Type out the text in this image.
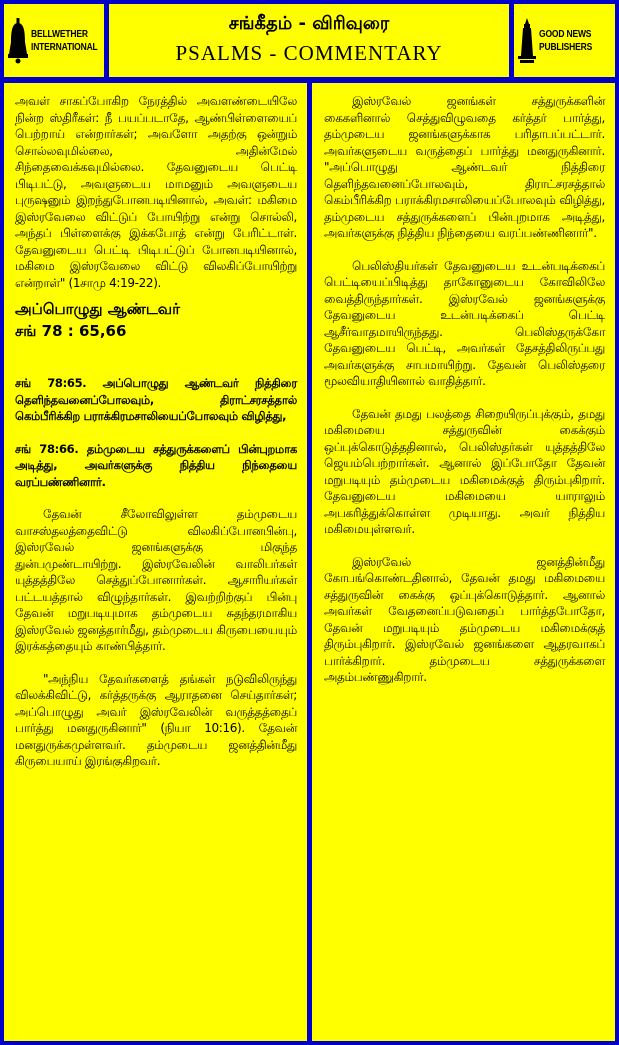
BELLWETHER
INTERNATIONAL
சங்கீதம் - விரிவுரை
PSALMS - COMMENTARY
GOOD NEWS
PUBLISHERS

அவள் சாகப்போகிற நேரத்தில் அவளண்டையிலே நின்ற ஸ்திரீகள்: நீ பயப்படாதே, ஆண்பிள்ளையைப் பெற்றாய் என்றார்கள்; அவளோ அதற்கு ஒன்றும் சொல்லவுமில்லை, அதின்மேல் சிந்தைவைக்கவுமில்லை. தேவனுடைய பெட்டி பிடிபட்டு, அவளுடைய மாமனும் அவளுடைய புருஷனும் இறந்துபோனபடியினால், அவள்: மகிமை இஸ்ரவேலை விட்டுப் போயிற்று என்று சொல்லி, அந்தப் பிள்ளைக்கு இக்கபோத் என்று பேரிட்டாள். தேவனுடைய பெட்டி பிடிபட்டுப் போனபடியினால், மகிமை இஸ்ரவேலை விட்டு விலகிப்போயிற்று என்றாள்" (1சாமு 4:19-22).

அப்பொழுது ஆண்டவர்
சங் 78 : 65,66

சங் 78:65. அப்பொழுது ஆண்டவர் நித்திரை தெளிந்தவனைப்போலவும், திராட்சரசத்தால் கெம்பீரிக்கிற பராக்கிரமசாலியைப்போலவும் விழித்து,

சங் 78:66. தம்முடைய சத்துருக்களைப் பின்புறமாக அடித்து, அவர்களுக்கு நித்திய நிந்தையை வரப்பண்ணினார்.

தேவன் சீலோவிலுள்ள தம்முடைய வாசஸ்தலத்தைவிட்டு விலகிப்போனபின்பு, இஸ்ரவேல் ஜனங்களுக்கு மிகுந்த துன்பமுண்டாயிற்று. இஸ்ரவேலின் வாலிபர்கள் யுத்தத்திலே செத்துப்போனார்கள். ஆசாரியர்கள் பட்டயத்தால் விழுந்தார்கள். இவற்றிற்குப் பின்பு தேவன் மறுபடியுமாக தம்முடைய சுதந்தரமாகிய இஸ்ரவேல் ஜனத்தார்மீது, தம்முடைய கிருபையையும் இரக்கத்தையும் காண்பித்தார்.

"அந்நிய தேவர்களைத் தங்கள் நடுவிலிருந்து விலக்கிவிட்டு, கர்த்தருக்கு ஆராதனை செய்தார்கள்; அப்பொழுது அவர் இஸ்ரவேலின் வருத்தத்தைப் பார்த்து மனதுருகினார்" (நியா 10:16). தேவன் மனதுருக்கமுள்ளவர். தம்முடைய ஜனத்தின்மீது கிருபையாய் இரங்குகிறவர்.

இஸ்ரவேல் ஜனங்கள் சத்துருக்களின் கைகளினால் செத்துவிழுவதை கர்த்தர் பார்த்து, தம்முடைய ஜனங்களுக்காக பரிதாபப்பட்டார். அவர்களுடைய வருத்தைப் பார்த்து மனதுருகினார். "அப்பொழுது ஆண்டவர் நித்திரை தெளிந்தவனைப்போலவும், திராட்சரசத்தால் கெம்பீரிக்கிற பராக்கிரமசாலியைப்போலவும் விழித்து, தம்முடைய சத்துருக்களைப் பின்புறமாக அடித்து, அவர்களுக்கு நித்திய நிந்தையை வரப்பண்ணினார்".

பெலிஸ்தியர்கள் தேவனுடைய உடன்படிக்கைப் பெட்டியைப்பிடித்து தாகோனுடைய கோவிலிலே வைத்திருந்தார்கள். இஸ்ரவேல் ஜனங்களுக்கு தேவனுடைய உடன்படிக்கைப் பெட்டி ஆசீர்வாதமாயிருந்தது. பெலிஸ்தருக்கோ தேவனுடைய பெட்டி, அவர்கள் தேசத்திலிருப்பது அவர்களுக்கு சாபமாயிற்று. தேவன் பெலிஸ்தரை மூலவியாதியினால் வாதித்தார்.

தேவன் தமது பலத்தை சிறையிருப்புக்கும், தமது மகிமையை சத்துருவின் கைக்கும் ஒப்புக்கொடுத்ததினால், பெலிஸ்தர்கள் யுத்தத்திலே ஜெயம்பெற்றார்கள். ஆனால் இப்போதோ தேவன் மறுபடியும் தம்முடைய மகிமைக்குத் திரும்புகிறார். தேவனுடைய மகிமையை யாராலும் அபகரித்துக்கொள்ள முடியாது. அவர் நித்திய மகிமையுள்ளவர்.

இஸ்ரவேல் ஜனத்தின்மீது கோபங்கொண்டதினால், தேவன் தமது மகிமையை சத்துருவின் கைக்கு ஒப்புக்கொடுத்தார். ஆனால் அவர்கள் வேதனைப்படுவதைப் பார்த்தபோதோ, தேவன் மறுபடியும் தம்முடைய மகிமைக்குத் திரும்புகிறார். இஸ்ரவேல் ஜனங்களை ஆதரவாகப் பார்க்கிறார். தம்முடைய சத்துருக்களை அதம்பண்ணுகிறார்.
